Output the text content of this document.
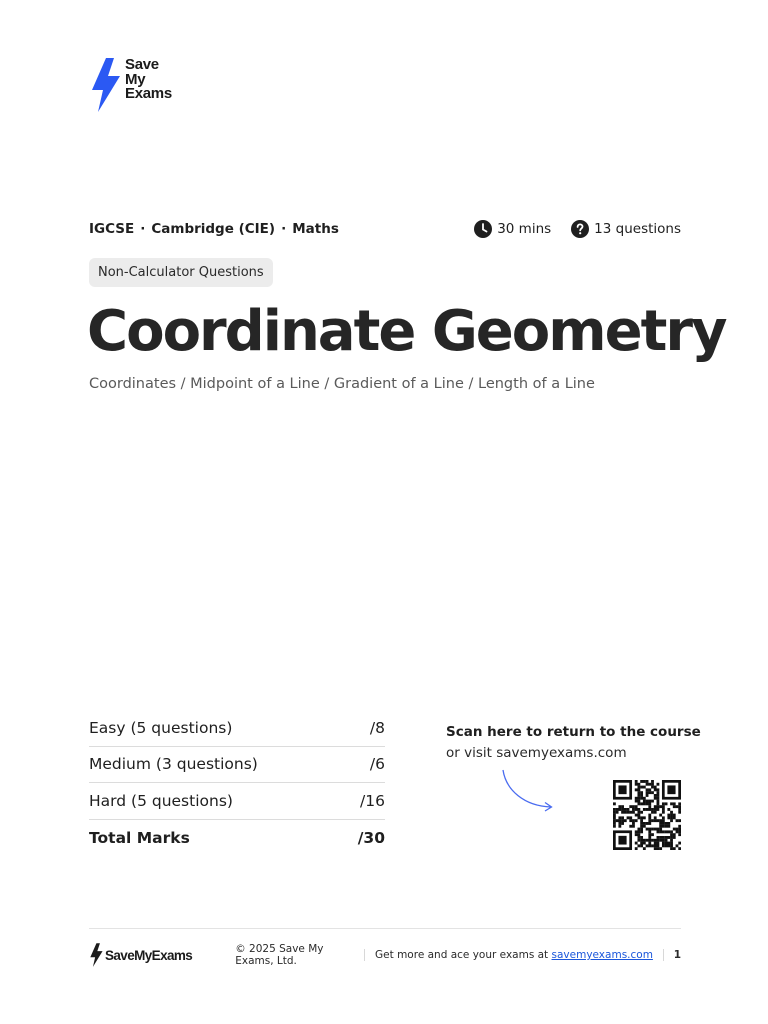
Save
My
Exams
IGCSE · Cambridge (CIE) · Maths	30 mins	13 questions
Non-Calculator Questions
Coordinate Geometry
Coordinates / Midpoint of a Line / Gradient of a Line / Length of a Line
Easy (5 questions)	/8
Medium (3 questions)	/6
Hard (5 questions)	/16
Total Marks	/30
Scan here to return to the course
or visit savemyexams.com
SaveMyExams	© 2025 Save My Exams, Ltd.	Get more and ace your exams at savemyexams.com 1
